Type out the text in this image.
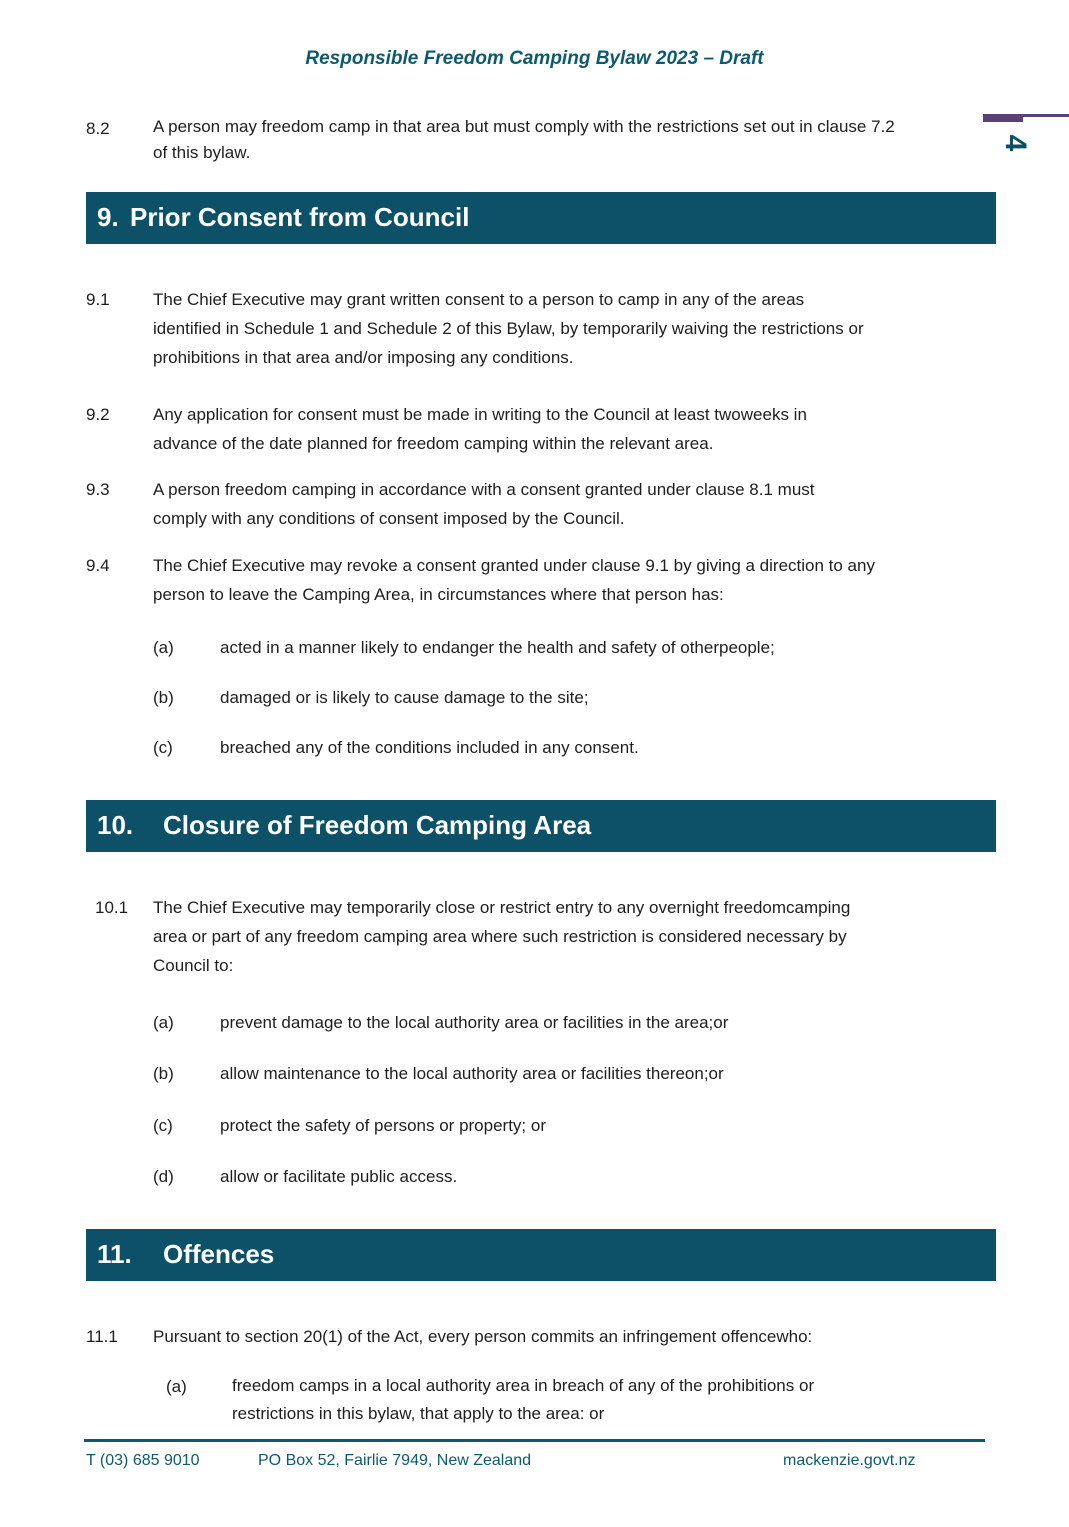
Responsible Freedom Camping Bylaw 2023 – Draft
4
8.2	A person may freedom camp in that area but must comply with the restrictions set out in clause 7.2
of this bylaw.
9. Prior Consent from Council
9.1	The Chief Executive may grant written consent to a person to camp in any of the areas
identified in Schedule 1 and Schedule 2 of this Bylaw, by temporarily waiving the restrictions or
prohibitions in that area and/or imposing any conditions.
9.2	Any application for consent must be made in writing to the Council at least twoweeks in
advance of the date planned for freedom camping within the relevant area.
9.3	A person freedom camping in accordance with a consent granted under clause 8.1 must
comply with any conditions of consent imposed by the Council.
9.4	The Chief Executive may revoke a consent granted under clause 9.1 by giving a direction to any
person to leave the Camping Area, in circumstances where that person has:
(a)	acted in a manner likely to endanger the health and safety of otherpeople;
(b)	damaged or is likely to cause damage to the site;
(c)	breached any of the conditions included in any consent.
10. Closure of Freedom Camping Area
10.1 The Chief Executive may temporarily close or restrict entry to any overnight freedomcamping
area or part of any freedom camping area where such restriction is considered necessary by
Council to:
(a)	prevent damage to the local authority area or facilities in the area;or
(b)	allow maintenance to the local authority area or facilities thereon;or
(c)	protect the safety of persons or property; or
(d)	allow or facilitate public access.
11. Offences
11.1 Pursuant to section 20(1) of the Act, every person commits an infringement offencewho:
(a)	freedom camps in a local authority area in breach of any of the prohibitions or
restrictions in this bylaw, that apply to the area: or
T (03) 685 9010	PO Box 52, Fairlie 7949, New Zealand	mackenzie.govt.nz
